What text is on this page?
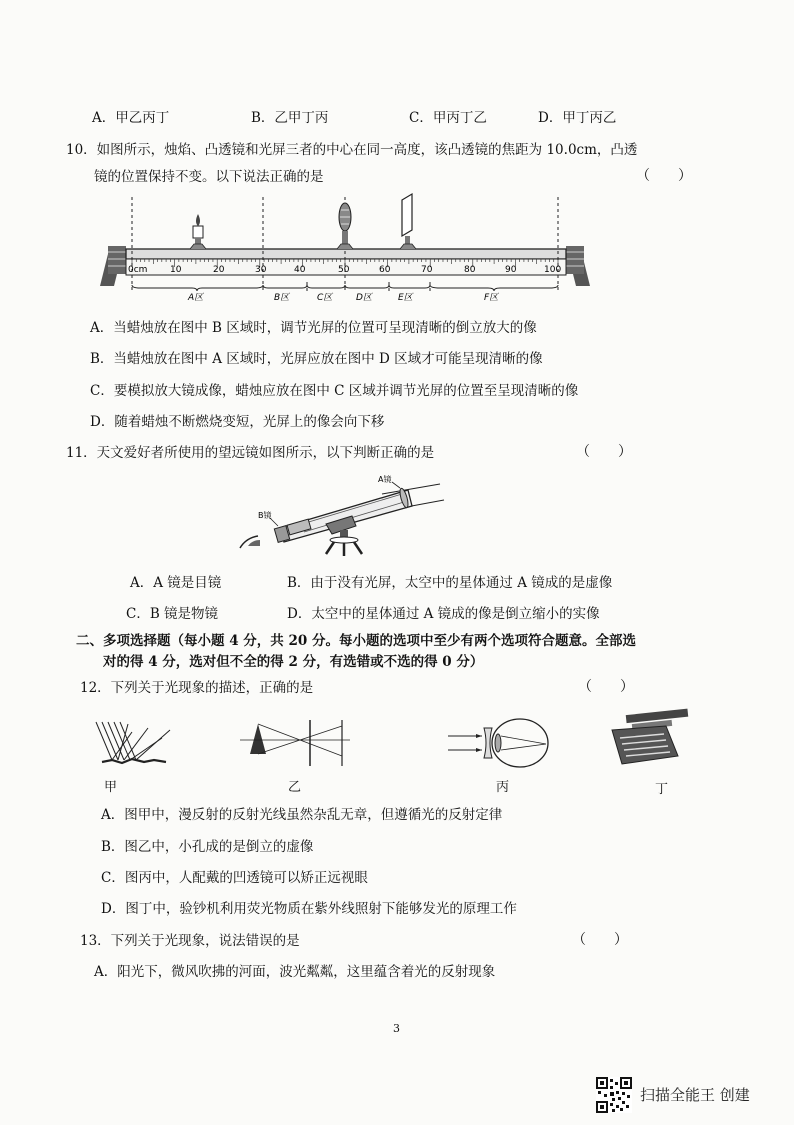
A．甲乙丙丁	B．乙甲丁丙	C．甲丙丁乙	D．甲丁丙乙
10．如图所示，烛焰、凸透镜和光屏三者的中心在同一高度，该凸透镜的焦距为 10.0cm，凸透
镜的位置保持不变。以下说法正确的是	（　　）
0cm	10	20	30	40	50	60	70	80	90	100
A区	B区	C区	D区	E区	F区
A．当蜡烛放在图中 B 区域时，调节光屏的位置可呈现清晰的倒立放大的像
B．当蜡烛放在图中 A 区域时，光屏应放在图中 D 区域才可能呈现清晰的像
C．要模拟放大镜成像，蜡烛应放在图中 C 区域并调节光屏的位置至呈现清晰的像
D．随着蜡烛不断燃烧变短，光屏上的像会向下移
11．天文爱好者所使用的望远镜如图所示，以下判断正确的是	（　　）
A镜
B镜
A．A 镜是目镜	B．由于没有光屏，太空中的星体通过 A 镜成的是虚像
C．B 镜是物镜	D．太空中的星体通过 A 镜成的像是倒立缩小的实像
二、多项选择题（每小题 4 分，共 20 分。每小题的选项中至少有两个选项符合题意。全部选
对的得 4 分，选对但不全的得 2 分，有选错或不选的得 0 分）
12．下列关于光现象的描述，正确的是	（　　）
甲	乙	丙	丁
A．图甲中，漫反射的反射光线虽然杂乱无章，但遵循光的反射定律
B．图乙中，小孔成的是倒立的虚像
C．图丙中，人配戴的凹透镜可以矫正远视眼
D．图丁中，验钞机利用荧光物质在紫外线照射下能够发光的原理工作
13．下列关于光现象，说法错误的是	（　　）
A．阳光下，微风吹拂的河面，波光粼粼，这里蕴含着光的反射现象
3
扫描全能王 创建
